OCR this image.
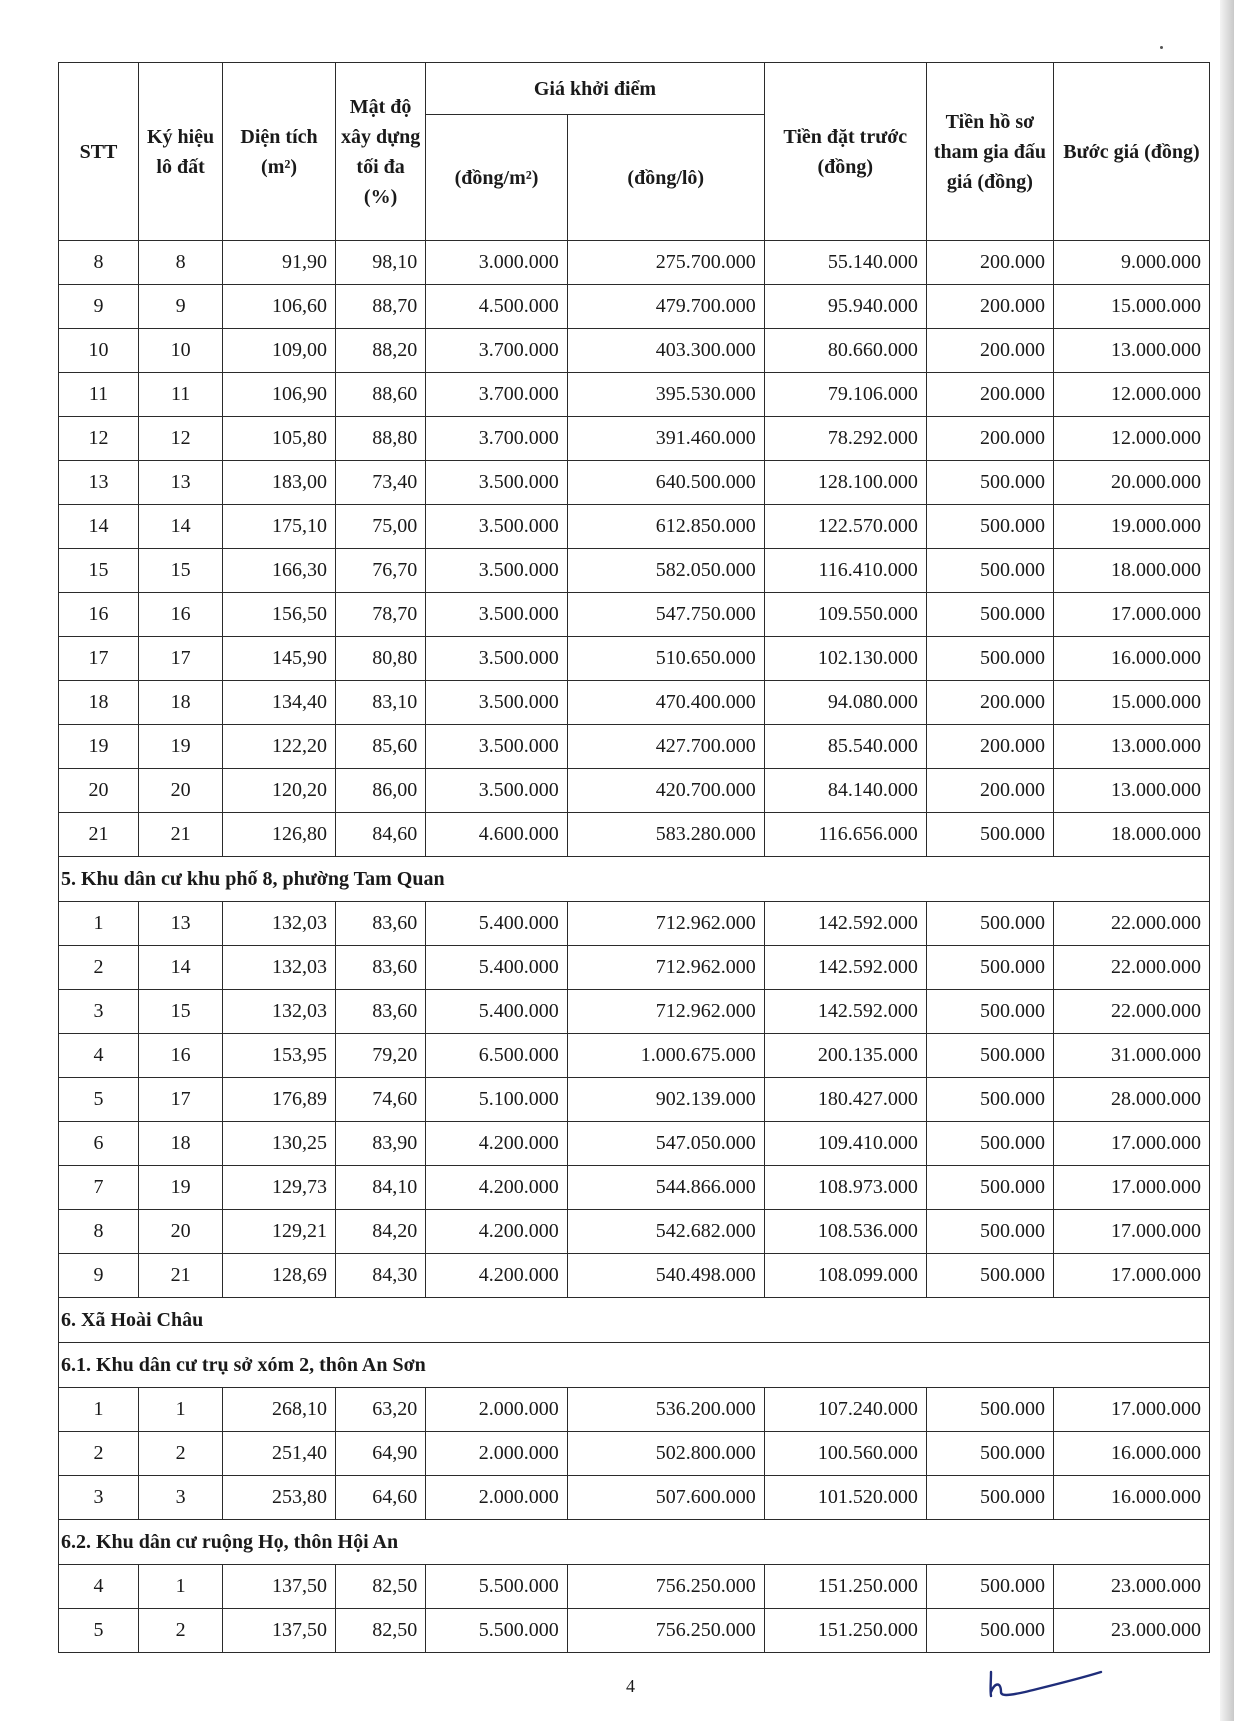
STT	Ký hiệu lô đất	Diện tích (m²)	Mật độ xây dựng tối đa (%)	Giá khởi điểm		Tiền đặt trước (đồng)	Tiền hồ sơ tham gia đấu giá (đồng)	Bước giá (đồng)
				(đồng/m²)	(đồng/lô)			
8	8	91,90	98,10	3.000.000	275.700.000	55.140.000	200.000	9.000.000
9	9	106,60	88,70	4.500.000	479.700.000	95.940.000	200.000	15.000.000
10	10	109,00	88,20	3.700.000	403.300.000	80.660.000	200.000	13.000.000
11	11	106,90	88,60	3.700.000	395.530.000	79.106.000	200.000	12.000.000
12	12	105,80	88,80	3.700.000	391.460.000	78.292.000	200.000	12.000.000
13	13	183,00	73,40	3.500.000	640.500.000	128.100.000	500.000	20.000.000
14	14	175,10	75,00	3.500.000	612.850.000	122.570.000	500.000	19.000.000
15	15	166,30	76,70	3.500.000	582.050.000	116.410.000	500.000	18.000.000
16	16	156,50	78,70	3.500.000	547.750.000	109.550.000	500.000	17.000.000
17	17	145,90	80,80	3.500.000	510.650.000	102.130.000	500.000	16.000.000
18	18	134,40	83,10	3.500.000	470.400.000	94.080.000	200.000	15.000.000
19	19	122,20	85,60	3.500.000	427.700.000	85.540.000	200.000	13.000.000
20	20	120,20	86,00	3.500.000	420.700.000	84.140.000	200.000	13.000.000
21	21	126,80	84,60	4.600.000	583.280.000	116.656.000	500.000	18.000.000
5. Khu dân cư khu phố 8, phường Tam Quan								
1	13	132,03	83,60	5.400.000	712.962.000	142.592.000	500.000	22.000.000
2	14	132,03	83,60	5.400.000	712.962.000	142.592.000	500.000	22.000.000
3	15	132,03	83,60	5.400.000	712.962.000	142.592.000	500.000	22.000.000
4	16	153,95	79,20	6.500.000	1.000.675.000	200.135.000	500.000	31.000.000
5	17	176,89	74,60	5.100.000	902.139.000	180.427.000	500.000	28.000.000
6	18	130,25	83,90	4.200.000	547.050.000	109.410.000	500.000	17.000.000
7	19	129,73	84,10	4.200.000	544.866.000	108.973.000	500.000	17.000.000
8	20	129,21	84,20	4.200.000	542.682.000	108.536.000	500.000	17.000.000
9	21	128,69	84,30	4.200.000	540.498.000	108.099.000	500.000	17.000.000
6. Xã Hoài Châu								
6.1. Khu dân cư trụ sở xóm 2, thôn An Sơn								
1	1	268,10	63,20	2.000.000	536.200.000	107.240.000	500.000	17.000.000
2	2	251,40	64,90	2.000.000	502.800.000	100.560.000	500.000	16.000.000
3	3	253,80	64,60	2.000.000	507.600.000	101.520.000	500.000	16.000.000
6.2. Khu dân cư ruộng Họ, thôn Hội An								
4	1	137,50	82,50	5.500.000	756.250.000	151.250.000	500.000	23.000.000
5	2	137,50	82,50	5.500.000	756.250.000	151.250.000	500.000	23.000.000
4
